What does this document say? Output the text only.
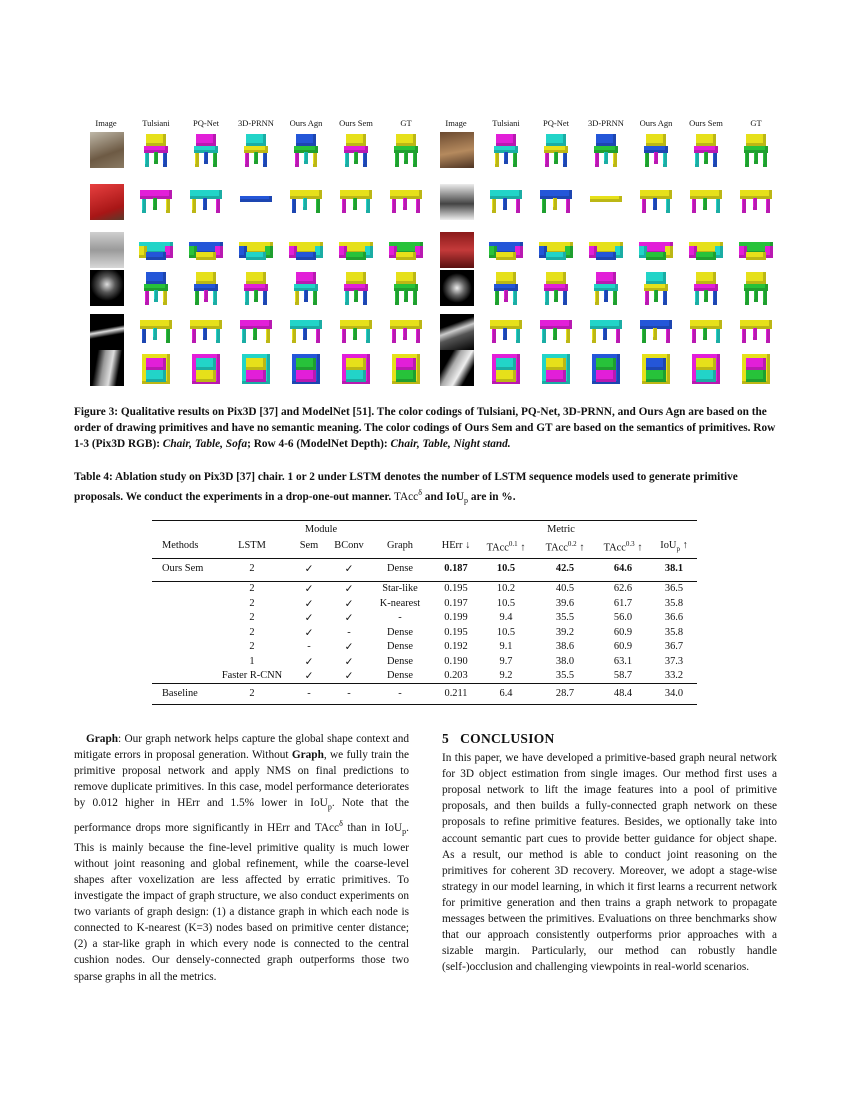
Image	Tulsiani	PQ-Net	3D-PRNN	Ours Agn	Ours Sem	GT	Image	Tulsiani	PQ-Net	3D-PRNN	Ours Agn	Ours Sem	GT
Figure 3: Qualitative results on Pix3D [37] and ModelNet [51]. The color codings of Tulsiani, PQ-Net, 3D-PRNN, and Ours Agn are based on the order of drawing primitives and have no semantic meaning. The color codings of Ours Sem and GT are based on the semantics of primitives. Row 1-3 (Pix3D RGB): Chair, Table, Sofa; Row 4-6 (ModelNet Depth): Chair, Table, Night stand.
Table 4: Ablation study on Pix3D [37] chair. 1 or 2 under LSTM denotes the number of LSTM sequence models used to generate primitive proposals. We conduct the experiments in a drop-one-out manner. TAcc$^\delta$ and IoU$_p$ are in %.
Module	Metric
Methods	LSTM	Sem BConv Graph	HErr ↓ TAcc$^{0.1}$ ↑ TAcc$^{0.2}$ ↑ TAcc$^{0.3}$ ↑ IoU$_p$ ↑
Ours Sem	2	✓	✓	Dense	0.187	10.5	42.5	64.6	38.1
2	✓	✓	Star-like	0.195	10.2	40.5	62.6	36.5
2	✓	✓	K-nearest 0.197	10.5	39.6	61.7	35.8
2	✓	✓	-	0.199	9.4	35.5	56.0	36.6
2	✓	-	Dense	0.195	10.5	39.2	60.9	35.8
2	-	✓	Dense	0.192	9.1	38.6	60.9	36.7
1	✓	✓	Dense	0.190	9.7	38.0	63.1	37.3
Faster R-CNN ✓	✓	Dense	0.203	9.2	35.5	58.7	33.2
Baseline	2	-	-	-	0.211	6.4	28.7	48.4	34.0
Graph: Our graph network helps capture the global shape context and mitigate errors in proposal generation. Without Graph, we fully train the primitive proposal network and apply NMS on final predictions to remove duplicate primitives. In this case, model performance deteriorates by 0.012 higher in HErr and 1.5% lower in IoU$_p$. Note that the performance drops more significantly in HErr and TAcc$^\delta$ than in IoU$_p$. This is mainly because the fine-level primitive quality is much lower without joint reasoning and global refinement, while the coarse-level shapes after voxelization are less affected by erratic primitives. To investigate the impact of graph structure, we also conduct experiments on two variants of graph design: (1) a distance graph in which each node is connected to K-nearest (K=3) nodes based on primitive center distance; (2) a star-like graph in which every node is connected to the central cushion nodes. Our densely-connected graph outperforms those two sparse graphs in all the metrics.
5 CONCLUSION
In this paper, we have developed a primitive-based graph neural network for 3D object estimation from single images. Our method first uses a proposal network to lift the image features into a pool of primitive proposals, and then builds a fully-connected graph network on these proposals to refine primitive features. Besides, we optionally take into account semantic part cues to provide better guidance for object shape. As a result, our method is able to conduct joint reasoning on the primitives for coherent 3D recovery. Moreover, we adopt a stage-wise strategy in our model learning, in which it first learns a recurrent network for primitive generation and then trains a graph network to propagate messages between the primitives. Evaluations on three benchmarks show that our approach consistently outperforms prior approaches with a sizable margin. Particularly, our method can robustly handle (self-)occlusion and challenging viewpoints in real-world scenarios.
